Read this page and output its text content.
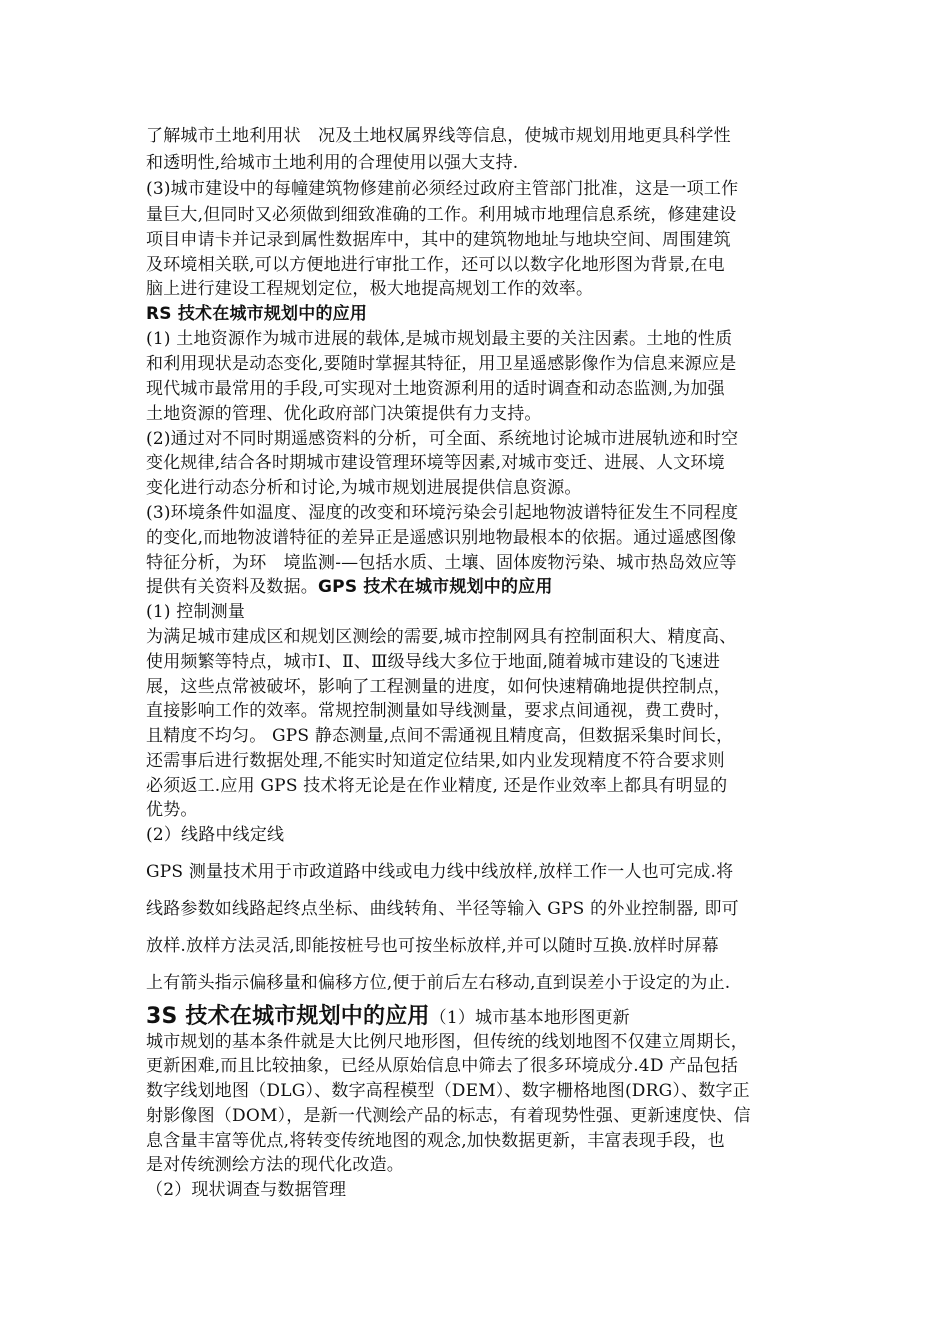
了解城市土地利用状　况及土地权属界线等信息，使城市规划用地更具科学性
和透明性,给城市土地利用的合理使用以强大支持.
(3)城市建设中的每幢建筑物修建前必须经过政府主管部门批准，这是一项工作
量巨大,但同时又必须做到细致准确的工作。利用城市地理信息系统，修建建设
项目申请卡并记录到属性数据库中，其中的建筑物地址与地块空间、周围建筑
及环境相关联,可以方便地进行审批工作，还可以以数字化地形图为背景,在电
脑上进行建设工程规划定位，极大地提高规划工作的效率。
RS 技术在城市规划中的应用
(1) 土地资源作为城市进展的载体,是城市规划最主要的关注因素。土地的性质
和利用现状是动态变化,要随时掌握其特征，用卫星遥感影像作为信息来源应是
现代城市最常用的手段,可实现对土地资源利用的适时调查和动态监测,为加强
土地资源的管理、优化政府部门决策提供有力支持。
(2)通过对不同时期遥感资料的分析，可全面、系统地讨论城市进展轨迹和时空
变化规律,结合各时期城市建设管理环境等因素,对城市变迁、进展、人文环境
变化进行动态分析和讨论,为城市规划进展提供信息资源。
(3)环境条件如温度、湿度的改变和环境污染会引起地物波谱特征发生不同程度
的变化,而地物波谱特征的差异正是遥感识别地物最根本的依据。通过遥感图像
特征分析，为环　境监测-—包括水质、土壤、固体废物污染、城市热岛效应等
提供有关资料及数据。GPS 技术在城市规划中的应用
(1) 控制测量
为满足城市建成区和规划区测绘的需要,城市控制网具有控制面积大、精度高、
使用频繁等特点，城市Ⅰ、Ⅱ、Ⅲ级导线大多位于地面,随着城市建设的飞速进
展，这些点常被破坏，影响了工程测量的进度，如何快速精确地提供控制点，
直接影响工作的效率。常规控制测量如导线测量，要求点间通视，费工费时，
且精度不均匀。 GPS 静态测量,点间不需通视且精度高，但数据采集时间长，
还需事后进行数据处理,不能实时知道定位结果,如内业发现精度不符合要求则
必须返工.应用 GPS 技术将无论是在作业精度, 还是作业效率上都具有明显的
优势。
(2）线路中线定线
GPS 测量技术用于市政道路中线或电力线中线放样,放样工作一人也可完成.将
线路参数如线路起终点坐标、曲线转角、半径等输入 GPS 的外业控制器, 即可
放样.放样方法灵活,即能按桩号也可按坐标放样,并可以随时互换.放样时屏幕
上有箭头指示偏移量和偏移方位,便于前后左右移动,直到误差小于设定的为止.
3S 技术在城市规划中的应用（1）城市基本地形图更新
城市规划的基本条件就是大比例尺地形图，但传统的线划地图不仅建立周期长，
更新困难,而且比较抽象，已经从原始信息中筛去了很多环境成分.4D 产品包括
数字线划地图（DLG）、数字高程模型（DEM）、数字栅格地图(DRG）、数字正
射影像图（DOM），是新一代测绘产品的标志，有着现势性强、更新速度快、信
息含量丰富等优点,将转变传统地图的观念,加快数据更新，丰富表现手段，也
是对传统测绘方法的现代化改造。
（2）现状调查与数据管理
